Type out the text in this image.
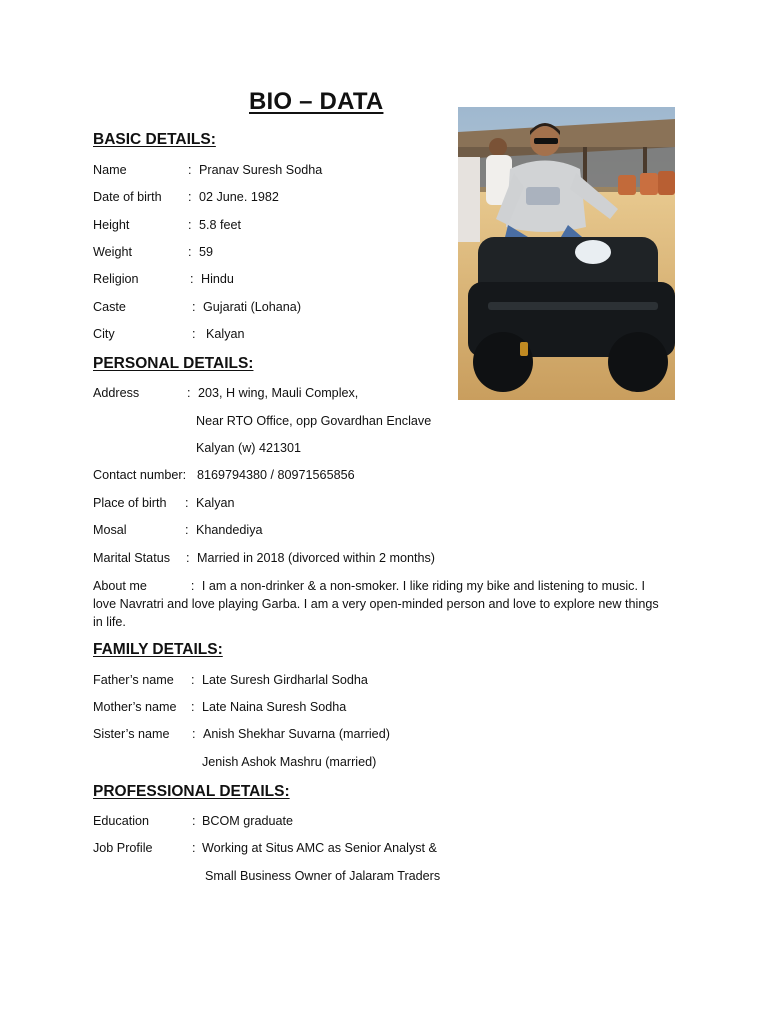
BIO – DATA
BASIC DETAILS:
Name	: Pranav Suresh Sodha
Date of birth : 02 June. 1982
Height	: 5.8 feet
Weight	: 59
Religion	: Hindu
Caste	: Gujarati (Lohana)
City	: Kalyan
PERSONAL DETAILS:
Address	: 203, H wing, Mauli Complex,
Near RTO Office, opp Govardhan Enclave
Kalyan (w) 421301
Contact number: 8169794380 / 80971565856
Place of birth : Kalyan
Mosal	: Khandediya
Marital Status : Married in 2018 (divorced within 2 months)
About me	: I am a non-drinker & a non-smoker. I like riding my bike and listening to music. I love Navratri and love playing Garba. I am a very open-minded person and love to explore new things in life.
FAMILY DETAILS:
Father’s name : Late Suresh Girdharlal Sodha
Mother’s name : Late Naina Suresh Sodha
Sister’s name : Anish Shekhar Suvarna (married)
Jenish Ashok Mashru (married)
PROFESSIONAL DETAILS:
Education	: BCOM graduate
Job Profile	: Working at Situs AMC as Senior Analyst &
Small Business Owner of Jalaram Traders
